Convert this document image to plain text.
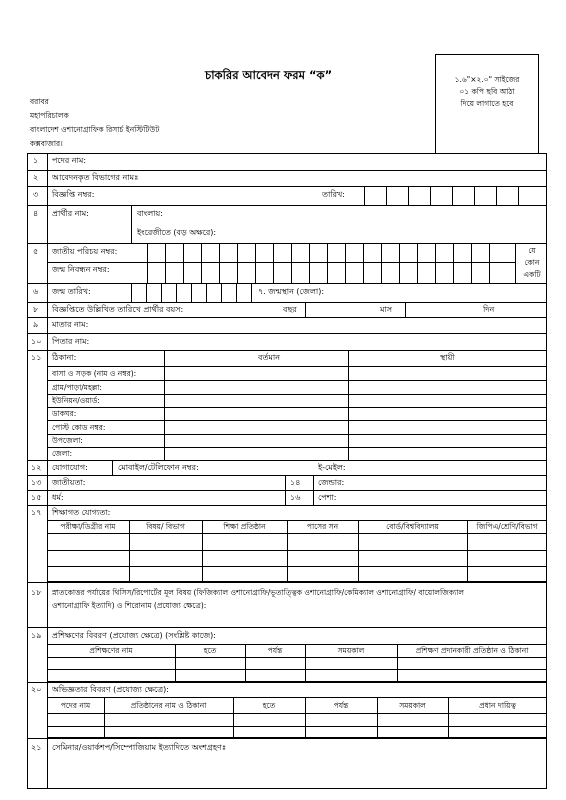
চাকরির আবেদন ফরম “ক”	১.৬"×২.০" সাইজের
০১ কপি ছবি আঠা
দিয়ে লাগাতে হবে
বরাবর
মহাপরিচালক
বাংলাদেশ ওশানোগ্রাফিক রিসার্চ ইনস্টিটিউট
কক্সবাজার।
১ পদের নাম:
২ আবেদনকৃত বিভাগের নামঃ
৩ বিজ্ঞপ্তি নম্বর:	তারিখ:
৪ প্রার্থীর নাম:	বাংলায়:
ইংরেজীতে (বড় অক্ষরে):
৫ জাতীয় পরিচয় নম্বর:
জন্ম নিবন্ধন নম্বর:
যে
কোন
একটি
৬ জন্ম তারিখ:	৭. জন্মস্থান (জেলা):
৮ বিজ্ঞপ্তিতে উল্লিখিত তারিখে প্রার্থীর বয়স:	বছর	মাস	দিন
৯ মাতার নাম:
১০ পিতার নাম:
১১ ঠিকানা:	বর্তমান	স্থায়ী
বাসা ও সড়ক (নাম ও নম্বর):
গ্রাম/পাড়া/মহল্লা:
ইউনিয়ন/ওয়ার্ড:
ডাকঘর:
পোস্ট কোড নম্বর:
উপজেলা:
জেলা:
১২ যোগাযোগ:	মোবাইল/টেলিফোন নম্বর:	ই-মেইল:
১৩ জাতীয়তা:	১৪ জেন্ডার:
১৫ ধর্ম:	১৬ পেশা:
১৭ শিক্ষাগত যোগ্যতা:
পরীক্ষা/ডিগ্রীর নাম	বিষয়/ বিভাগ	শিক্ষা প্রতিষ্ঠান	পাসের সন	বোর্ড/বিশ্ববিদ্যালয়	জিপিএ/শ্রেণি/বিভাগ
১৮ স্নাতকোত্তর পর্যায়ের থিসিস/রিপোর্টের মূল বিষয় (ফিজিক্যাল ওশানোগ্রাফি/ভূতাত্ত্বিক ওশানোগ্রাফি/কেমিক্যাল ওশানোগ্রাফি/ বায়োলজিক্যাল
ওশানোগ্রাফি ইত্যাদি) ও শিরোনাম (প্রযোজ্য ক্ষেত্রে):
১৯ প্রশিক্ষণের বিবরণ (প্রযোজ্য ক্ষেত্রে) (সংশ্লিষ্ট কাজে):
প্রশিক্ষণের নাম	হতে	পর্যন্ত	সময়কাল	প্রশিক্ষণ প্রদানকারী প্রতিষ্ঠান ও ঠিকানা
২০ অভিজ্ঞতার বিবরণ (প্রযোজ্য ক্ষেত্রে):
পদের নাম	প্রতিষ্ঠানের নাম ও ঠিকানা	হতে	পর্যন্ত	সময়কাল	প্রধান দায়িত্ব
২১ সেমিনার/ওয়ার্কশপ/সিম্পোজিয়াম ইত্যাদিতে অংশগ্রহণঃ
